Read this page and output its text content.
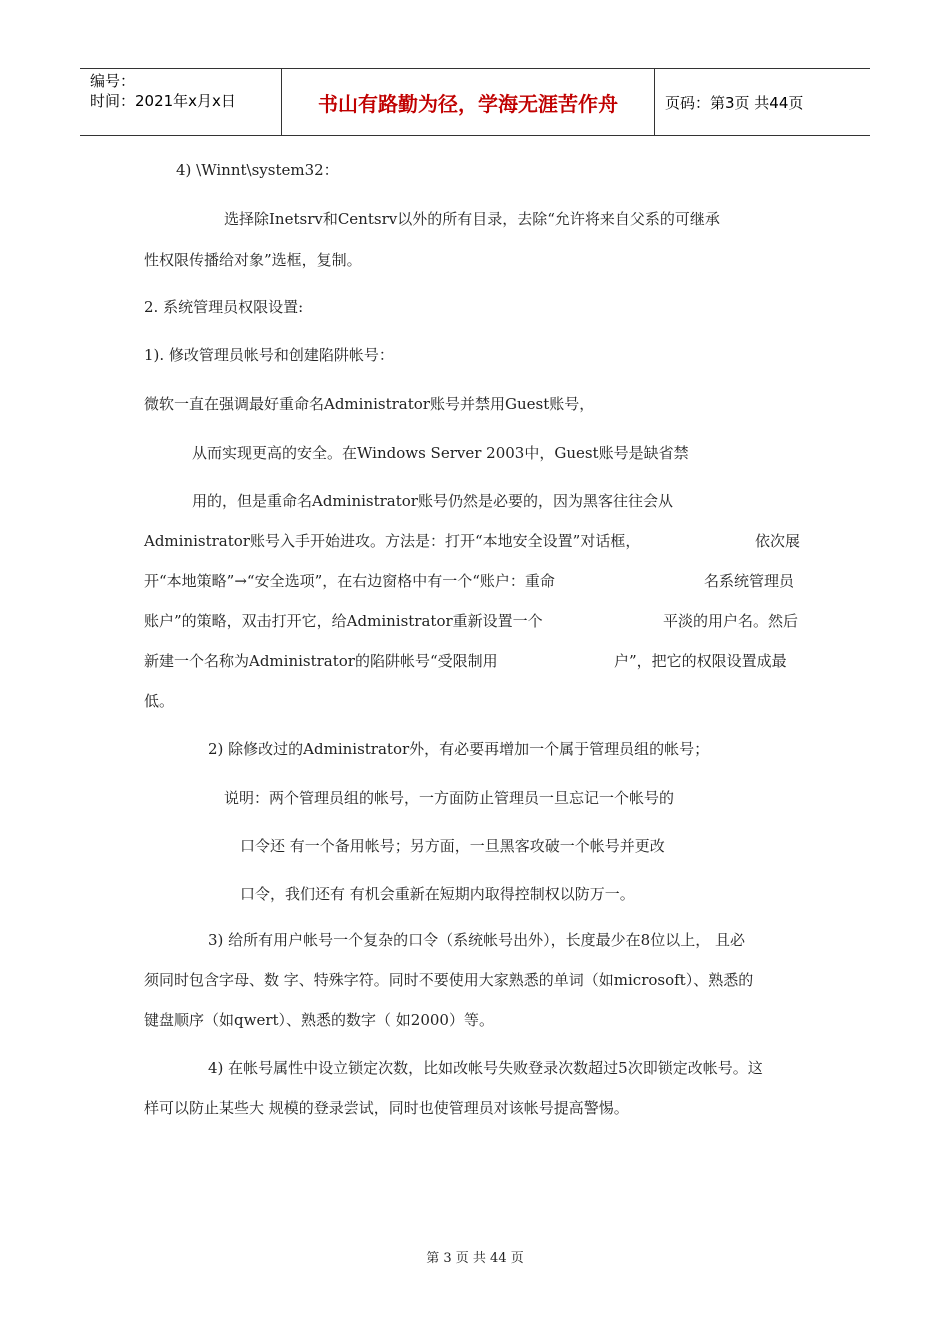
编号：
时间：2021年x月x日	书山有路勤为径，学海无涯苦作舟	页码：第3页 共44页
4) \Winnt\system32：
选择除Inetsrv和Centsrv以外的所有目录，去除“允许将来自父系的可继承
性权限传播给对象”选框，复制。
2. 系统管理员权限设置:
1). 修改管理员帐号和创建陷阱帐号：
微软一直在强调最好重命名Administrator账号并禁用Guest账号，
从而实现更高的安全。在Windows Server 2003中，Guest账号是缺省禁
用的，但是重命名Administrator账号仍然是必要的，因为黑客往往会从
Administrator账号入手开始进攻。方法是：打开“本地安全设置”对话框，	依次展
开“本地策略”→“安全选项”，在右边窗格中有一个“账户：重命	名系统管理员
账户”的策略，双击打开它，给Administrator重新设置一个	平淡的用户名。然后
新建一个名称为Administrator的陷阱帐号“受限制用	户”，把它的权限设置成最
低。
2) 除修改过的Administrator外，有必要再增加一个属于管理员组的帐号；
说明：两个管理员组的帐号，一方面防止管理员一旦忘记一个帐号的
口令还 有一个备用帐号；另方面，一旦黑客攻破一个帐号并更改
口令，我们还有 有机会重新在短期内取得控制权以防万一。
3) 给所有用户帐号一个复杂的口令（系统帐号出外），长度最少在8位以上， 且必
须同时包含字母、数 字、特殊字符。同时不要使用大家熟悉的单词（如microsoft）、熟悉的
键盘顺序（如qwert）、熟悉的数字（ 如2000）等。
4) 在帐号属性中设立锁定次数，比如改帐号失败登录次数超过5次即锁定改帐号。这
样可以防止某些大 规模的登录尝试，同时也使管理员对该帐号提高警惕。
第 3 页 共 44 页
